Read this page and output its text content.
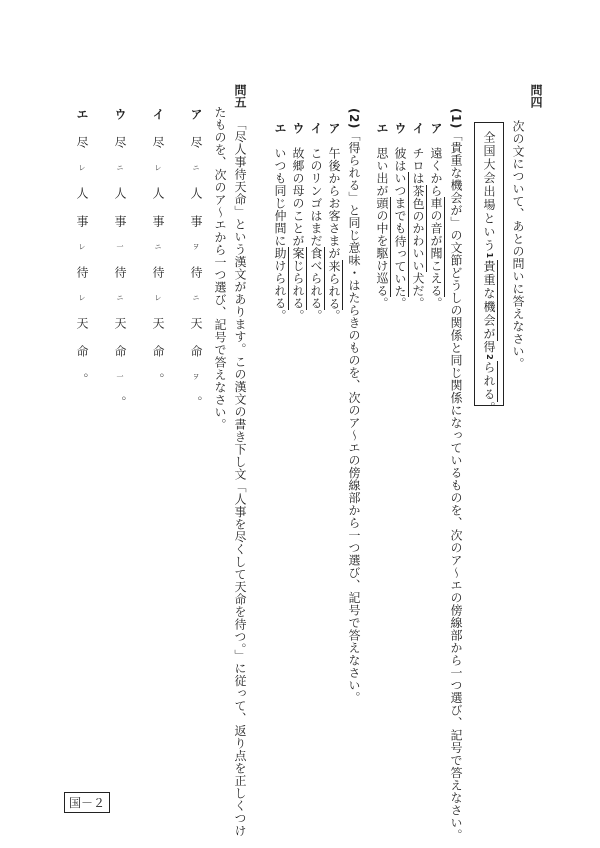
問四
次の文について、あとの問いに答えなさい。
全国大会出場という1貴重な機会が得2られる。
(1)「貴重な機会が」の文節どうしの関係と同じ関係になっているものを、次のア～エの傍線部から一つ選び、記号で答えなさい。
ア　遠くから車の音が聞こえる。
イ　チロは茶色のかわいい犬だ。
ウ　彼はいつまでも待っていた。
エ　思い出が頭の中を駆け巡る。
(2)「得られる」と同じ意味・はたらきのものを、次のア～エの傍線部から一つ選び、記号で答えなさい。
ア　午後からお客さまが来られる。
イ　このリンゴはまだ食べられる。
ウ　故郷の母のことが案じられる。
エ　いつも同じ仲間に助けられる。
問五
「尽人事待天命」という漢文があります。この漢文の書き下し文「人事を尽くして天命を待つ。」に従って、返り点を正しくつけ
たものを、次のア～エから一つ選び、記号で答えなさい。
ア尽ニ人事ヲ待ニ天命ヲ。
イ尽レ人事ニ待レ天命。
ウ尽ニ人事一待ニ天命一。
エ尽レ人事レ待レ天命。
国－２
